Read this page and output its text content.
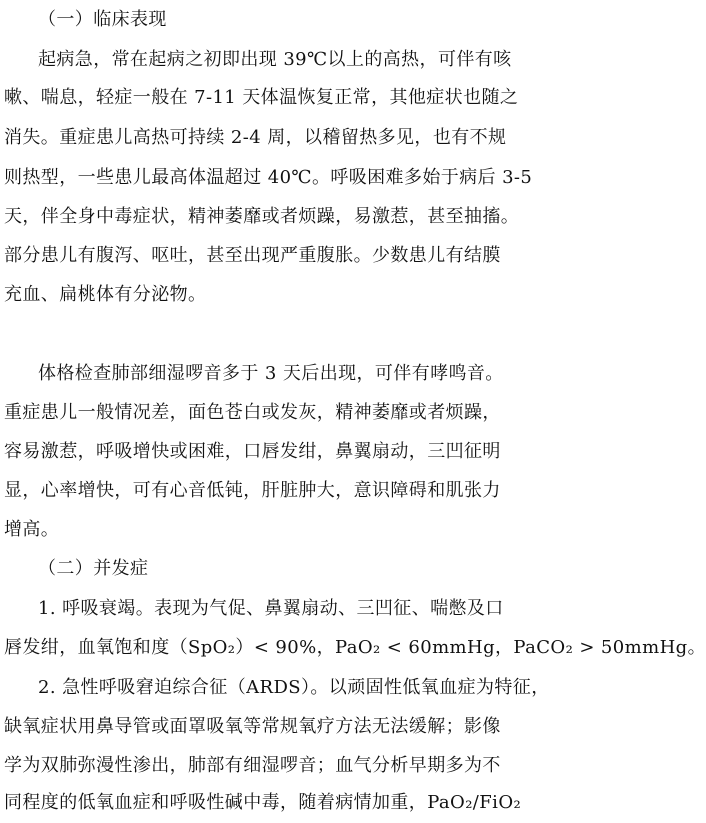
（一）临床表现
起病急，常在起病之初即出现 39℃以上的高热，可伴有咳
嗽、喘息，轻症一般在 7-11 天体温恢复正常，其他症状也随之
消失。重症患儿高热可持续 2-4 周，以稽留热多见，也有不规
则热型，一些患儿最高体温超过 40℃。呼吸困难多始于病后 3-5
天，伴全身中毒症状，精神萎靡或者烦躁，易激惹，甚至抽搐。
部分患儿有腹泻、呕吐，甚至出现严重腹胀。少数患儿有结膜
充血、扁桃体有分泌物。
体格检查肺部细湿啰音多于 3 天后出现，可伴有哮鸣音。
重症患儿一般情况差，面色苍白或发灰，精神萎靡或者烦躁，
容易激惹，呼吸增快或困难，口唇发绀，鼻翼扇动，三凹征明
显，心率增快，可有心音低钝，肝脏肿大，意识障碍和肌张力
增高。
（二）并发症
1. 呼吸衰竭。表现为气促、鼻翼扇动、三凹征、喘憋及口
唇发绀，血氧饱和度（SpO₂）< 90%，PaO₂ < 60mmHg，PaCO₂ > 50mmHg。
2. 急性呼吸窘迫综合征（ARDS）。以顽固性低氧血症为特征，
缺氧症状用鼻导管或面罩吸氧等常规氧疗方法无法缓解；影像
学为双肺弥漫性渗出，肺部有细湿啰音；血气分析早期多为不
同程度的低氧血症和呼吸性碱中毒，随着病情加重，PaO₂/FiO₂
